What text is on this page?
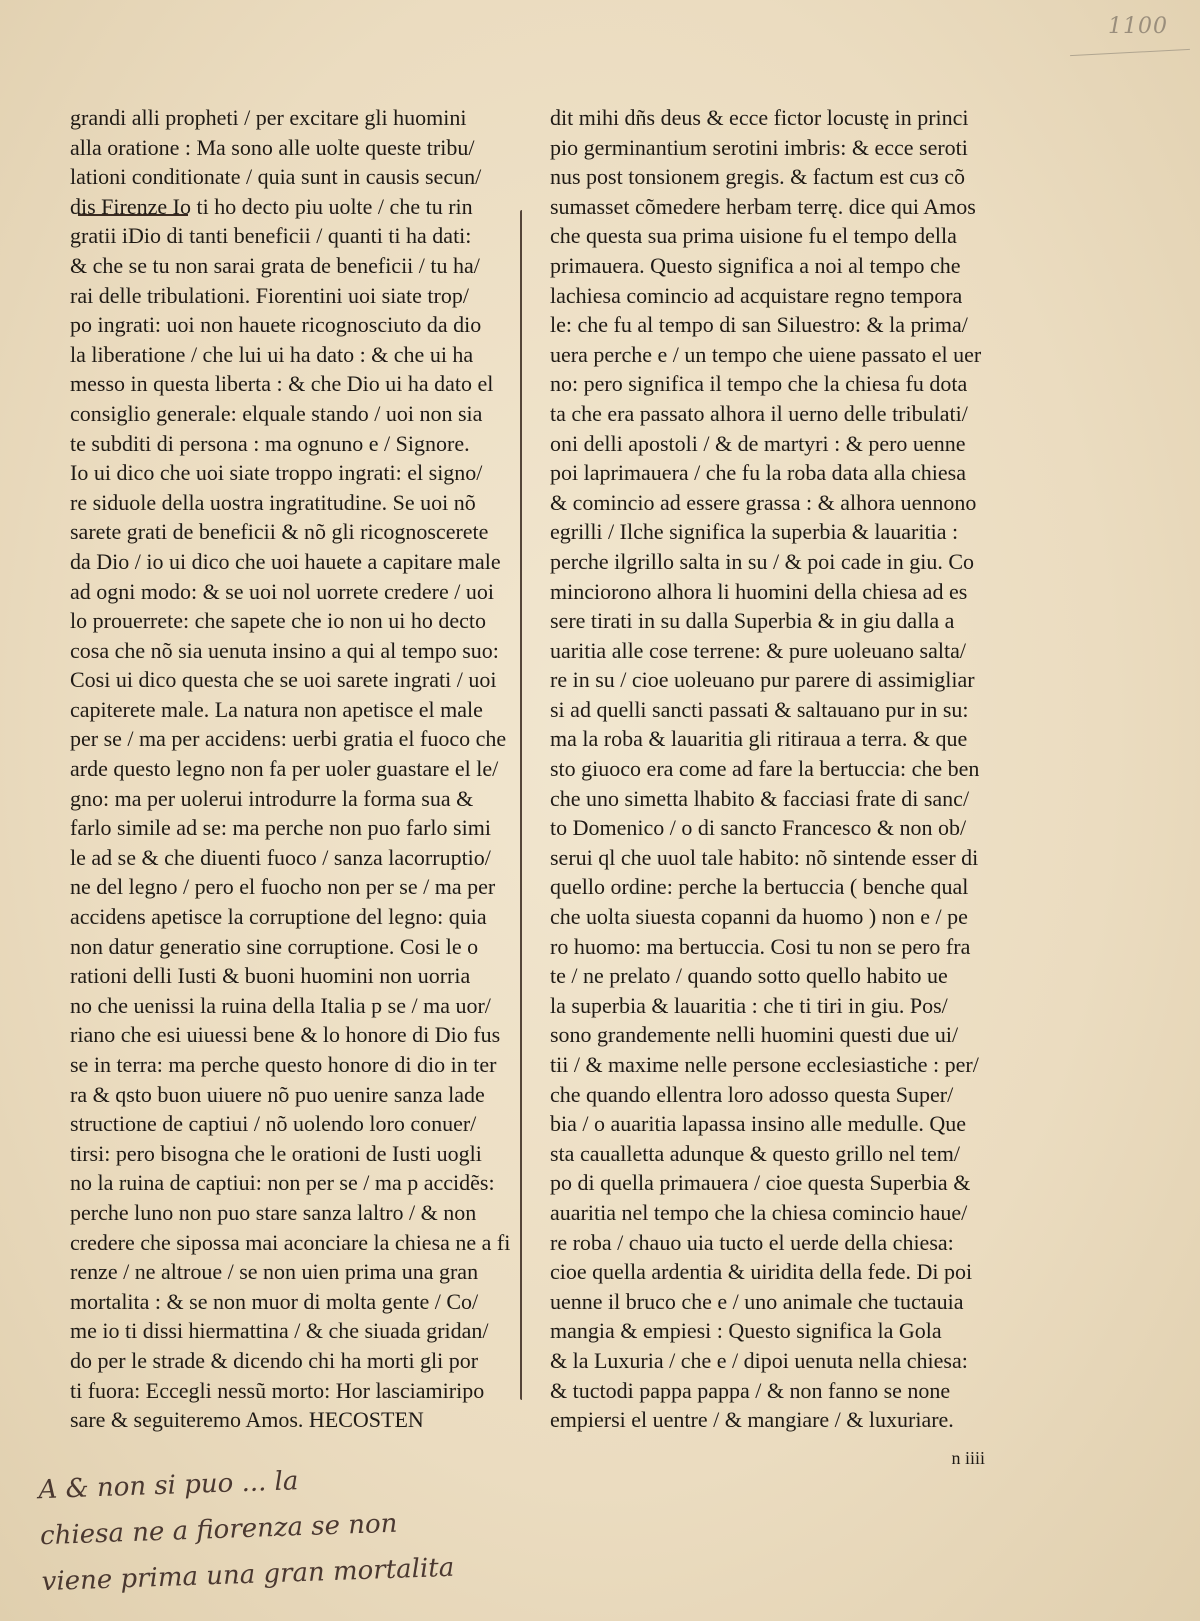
1100
grandi alli propheti / per excitare gli huomini
alla oratione : Ma sono alle uolte queste tribu/
lationi conditionate / quia sunt in causis secun/
dis Firenze Io ti ho decto piu uolte / che tu rin
gratii iDio di tanti beneficii / quanti ti ha dati:
& che se tu non sarai grata de beneficii / tu ha/
rai delle tribulationi. Fiorentini uoi siate trop/
po ingrati: uoi non hauete ricognosciuto da dio
la liberatione / che lui ui ha dato : & che ui ha
messo in questa liberta : & che Dio ui ha dato el
consiglio generale: elquale stando / uoi non sia
te subditi di persona : ma ognuno e / Signore.
Io ui dico che uoi siate troppo ingrati: el signo/
re siduole della uostra ingratitudine. Se uoi nõ
sarete grati de beneficii & nõ gli ricognoscerete
da Dio / io ui dico che uoi hauete a capitare male
ad ogni modo: & se uoi nol uorrete credere / uoi
lo prouerrete: che sapete che io non ui ho decto
cosa che nõ sia uenuta insino a qui al tempo suo:
Cosi ui dico questa che se uoi sarete ingrati / uoi
capiterete male. La natura non apetisce el male
per se / ma per accidens: uerbi gratia el fuoco che
arde questo legno non fa per uoler guastare el le/
gno: ma per uolerui introdurre la forma sua &
farlo simile ad se: ma perche non puo farlo simi
le ad se & che diuenti fuoco / sanza lacorruptio/
ne del legno / pero el fuocho non per se / ma per
accidens apetisce la corruptione del legno: quia
non datur generatio sine corruptione. Cosi le o
rationi delli Iusti & buoni huomini non uorria
no che uenissi la ruina della Italia p se / ma uor/
riano che esi uiuessi bene & lo honore di Dio fus
se in terra: ma perche questo honore di dio in ter
ra & qsto buon uiuere nõ puo uenire sanza lade
structione de captiui / nõ uolendo loro conuer/
tirsi: pero bisogna che le orationi de Iusti uogli
no la ruina de captiui: non per se / ma p accidẽs:
perche luno non puo stare sanza laltro / & non
credere che sipossa mai aconciare la chiesa ne a fi
renze / ne altroue / se non uien prima una gran
mortalita : & se non muor di molta gente / Co/
me io ti dissi hiermattina / & che siuada gridan/
do per le strade & dicendo chi ha morti gli por
ti fuora: Eccegli nessũ morto: Hor lasciamiripo
sare & seguiteremo Amos. HECOSTEN
dit mihi dñs deus & ecce fictor locustę in princi
pio germinantium serotini imbris: & ecce seroti
nus post tonsionem gregis. & factum est cuз cõ
sumasset cõmedere herbam terrę. dice qui Amos
che questa sua prima uisione fu el tempo della
primauera. Questo significa a noi al tempo che
lachiesa comincio ad acquistare regno tempora
le: che fu al tempo di san Siluestro: & la prima/
uera perche e / un tempo che uiene passato el uer
no: pero significa il tempo che la chiesa fu dota
ta che era passato alhora il uerno delle tribulati/
oni delli apostoli / & de martyri : & pero uenne
poi laprimauera / che fu la roba data alla chiesa
& comincio ad essere grassa : & alhora uennono
egrilli / Ilche significa la superbia & lauaritia :
perche ilgrillo salta in su / & poi cade in giu. Co
minciorono alhora li huomini della chiesa ad es
sere tirati in su dalla Superbia & in giu dalla a
uaritia alle cose terrene: & pure uoleuano salta/
re in su / cioe uoleuano pur parere di assimigliar
si ad quelli sancti passati & saltauano pur in su:
ma la roba & lauaritia gli ritiraua a terra. & que
sto giuoco era come ad fare la bertuccia: che ben
che uno simetta lhabito & facciasi frate di sanc/
to Domenico / o di sancto Francesco & non ob/
serui ql che uuol tale habito: nõ sintende esser di
quello ordine: perche la bertuccia ( benche qual
che uolta siuesta copanni da huomo ) non e / pe
ro huomo: ma bertuccia. Cosi tu non se pero fra
te / ne prelato / quando sotto quello habito ue
la superbia & lauaritia : che ti tiri in giu. Pos/
sono grandemente nelli huomini questi due ui/
tii / & maxime nelle persone ecclesiastiche : per/
che quando ellentra loro adosso questa Super/
bia / o auaritia lapassa insino alle medulle. Que
sta caualletta adunque & questo grillo nel tem/
po di quella primauera / cioe questa Superbia &
auaritia nel tempo che la chiesa comincio haue/
re roba / chauo uia tucto el uerde della chiesa:
cioe quella ardentia & uiridita della fede. Di poi
uenne il bruco che e / uno animale che tuctauia
mangia & empiesi : Questo significa la Gola
& la Luxuria / che e / dipoi uenuta nella chiesa:
& tuctodi pappa pappa / & non fanno se none
empiersi el uentre / & mangiare / & luxuriare.
n iiii
A & non si puo ... la
chiesa ne a fiorenza se non
viene prima una gran mortalita
